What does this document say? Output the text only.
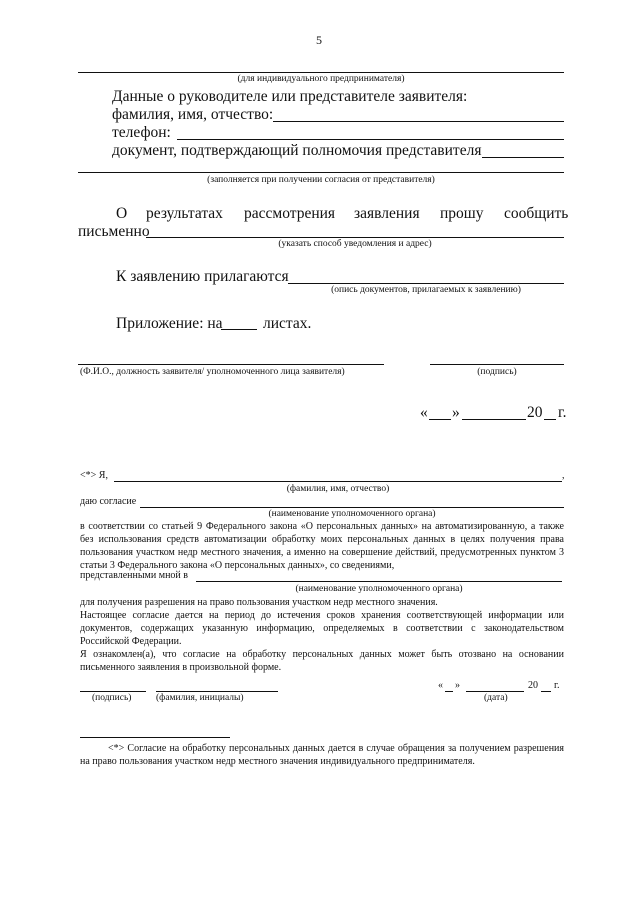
5
(для индивидуального предпринимателя)
Данные о руководителе или представителе заявителя:
фамилия, имя, отчество:
телефон:
документ, подтверждающий полномочия представителя
(заполняется при получении согласия от представителя)
О результатах рассмотрения заявления прошу сообщить
письменно
(указать способ уведомления и адрес)
К заявлению прилагаются
(опись документов, прилагаемых к заявлению)
Приложение: на	листах.
(Ф.И.О., должность заявителя/ уполномоченного лица заявителя)	(подпись)
« »	20 г.
<*> Я,	,
(фамилия, имя, отчество)
даю согласие
(наименование уполномоченного органа)
в соответствии со статьей 9 Федерального закона «О персональных данных» на автоматизированную, а также без использования средств автоматизации обработку моих персональных данных в целях получения права пользования участком недр местного значения, а именно на совершение действий, предусмотренных пунктом 3 статьи 3 Федерального закона «О персональных данных», со сведениями,
представленными мной в
(наименование уполномоченного органа)
для получения разрешения на право пользования участком недр местного значения.
Настоящее согласие дается на период до истечения сроков хранения соответствующей информации или документов, содержащих указанную информацию, определяемых в соответствии с законодательством Российской Федерации.
Я ознакомлен(а), что согласие на обработку персональных данных может быть отозвано на основании письменного заявления в произвольной форме.
(подпись)	(фамилия, инициалы)
« »	20 г.
(дата)
<*> Согласие на обработку персональных данных дается в случае обращения за получением разрешения на право пользования участком недр местного значения индивидуального предпринимателя.
